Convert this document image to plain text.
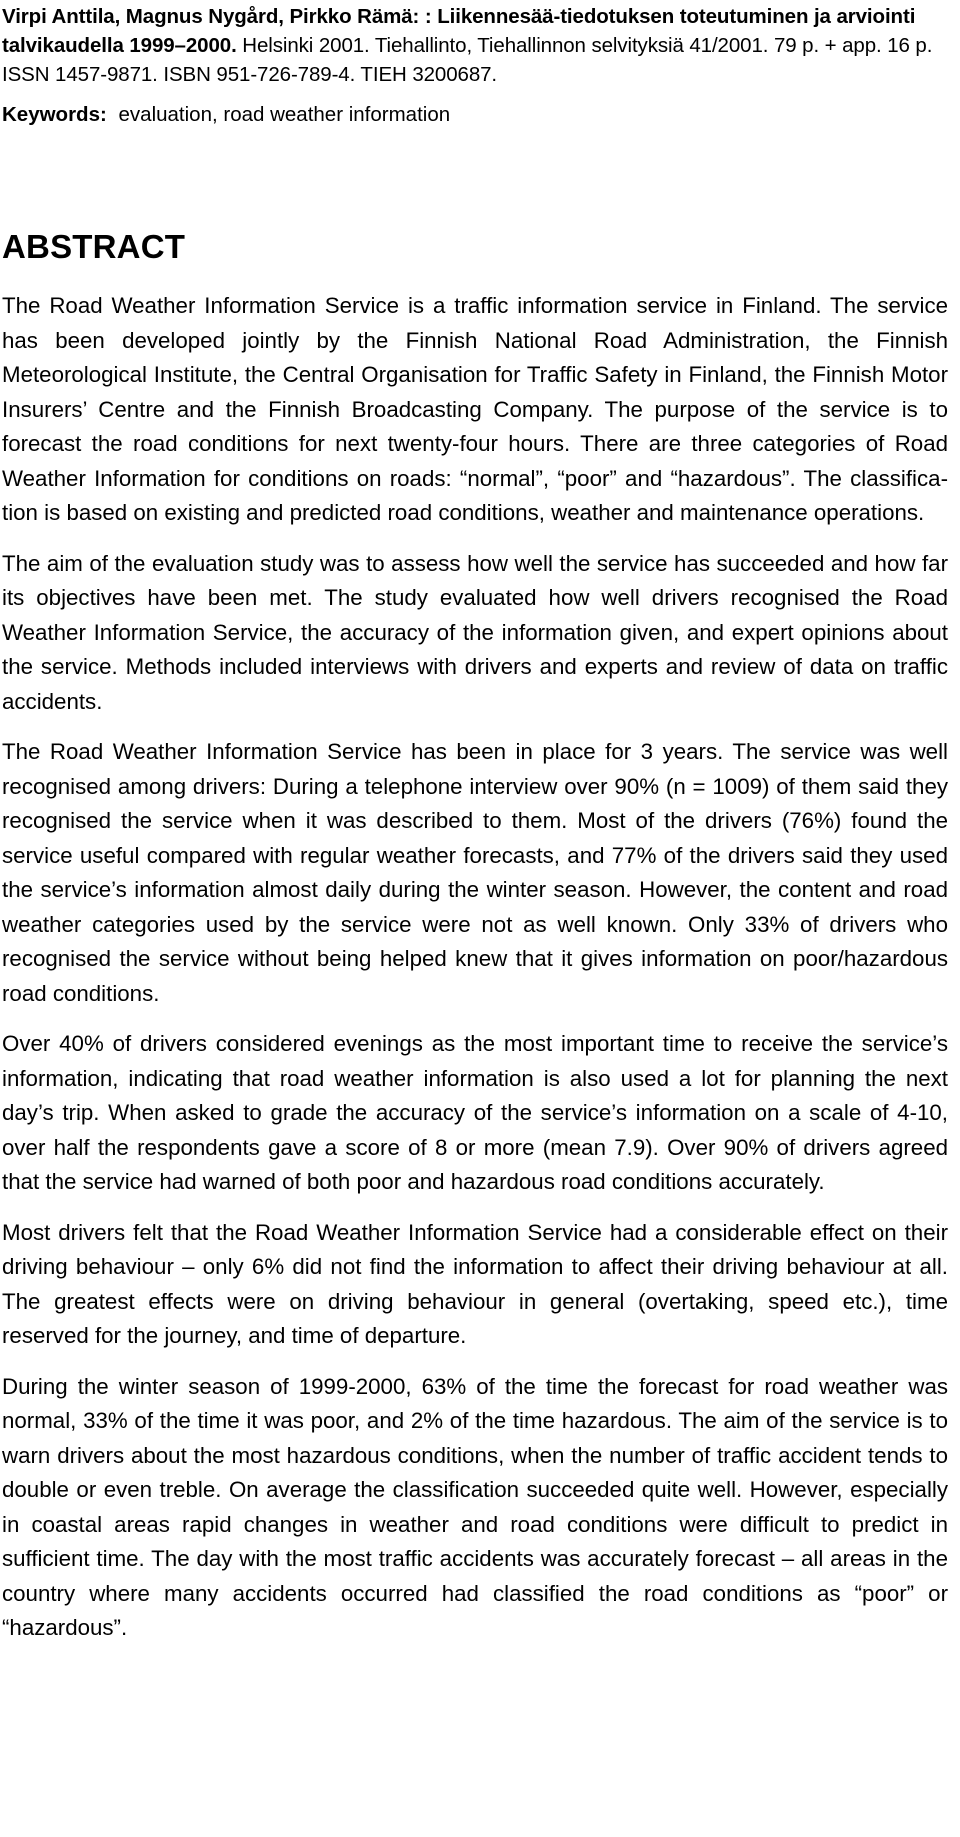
Virpi Anttila, Magnus Nygård, Pirkko Rämä: : Liikennesää-tiedotuksen toteutuminen ja arviointi talvikaudella 1999–2000. Helsinki 2001. Tiehallinto, Tiehallinnon selvityksiä 41/2001. 79 p. + app. 16 p. ISSN 1457-9871. ISBN 951-726-789-4. TIEH 3200687.

Keywords: evaluation, road weather information

ABSTRACT

The Road Weather Information Service is a traffic information service in Finland. The service has been developed jointly by the Finnish National Road Administration, the Finnish Meteorological Institute, the Central Organisation for Traffic Safety in Finland, the Finnish Motor Insurers’ Centre and the Finnish Broadcasting Company. The purpose of the service is to forecast the road conditions for next twenty-four hours. There are three categories of Road Weather Information for conditions on roads: “normal”, “poor” and “hazardous”. The classification is based on existing and predicted road conditions, weather and maintenance operations.

The aim of the evaluation study was to assess how well the service has succeeded and how far its objectives have been met. The study evaluated how well drivers recognised the Road Weather Information Service, the accuracy of the information given, and expert opinions about the service. Methods included interviews with drivers and experts and review of data on traffic accidents.

The Road Weather Information Service has been in place for 3 years. The service was well recognised among drivers: During a telephone interview over 90% (n = 1009) of them said they recognised the service when it was described to them. Most of the drivers (76%) found the service useful compared with regular weather forecasts, and 77% of the drivers said they used the service’s information almost daily during the winter season. However, the content and road weather categories used by the service were not as well known. Only 33% of drivers who recognised the service without being helped knew that it gives information on poor/hazardous road conditions.

Over 40% of drivers considered evenings as the most important time to receive the service’s information, indicating that road weather information is also used a lot for planning the next day’s trip. When asked to grade the accuracy of the service’s information on a scale of 4-10, over half the respondents gave a score of 8 or more (mean 7.9). Over 90% of drivers agreed that the service had warned of both poor and hazardous road conditions accurately.

Most drivers felt that the Road Weather Information Service had a considerable effect on their driving behaviour – only 6% did not find the information to affect their driving behaviour at all. The greatest effects were on driving behaviour in general (overtaking, speed etc.), time reserved for the journey, and time of departure.

During the winter season of 1999-2000, 63% of the time the forecast for road weather was normal, 33% of the time it was poor, and 2% of the time hazardous. The aim of the service is to warn drivers about the most hazardous conditions, when the number of traffic accident tends to double or even treble. On average the classification succeeded quite well. However, especially in coastal areas rapid changes in weather and road conditions were difficult to predict in sufficient time. The day with the most traffic accidents was accurately forecast – all areas in the country where many accidents occurred had classified the road conditions as “poor” or “hazardous”.
